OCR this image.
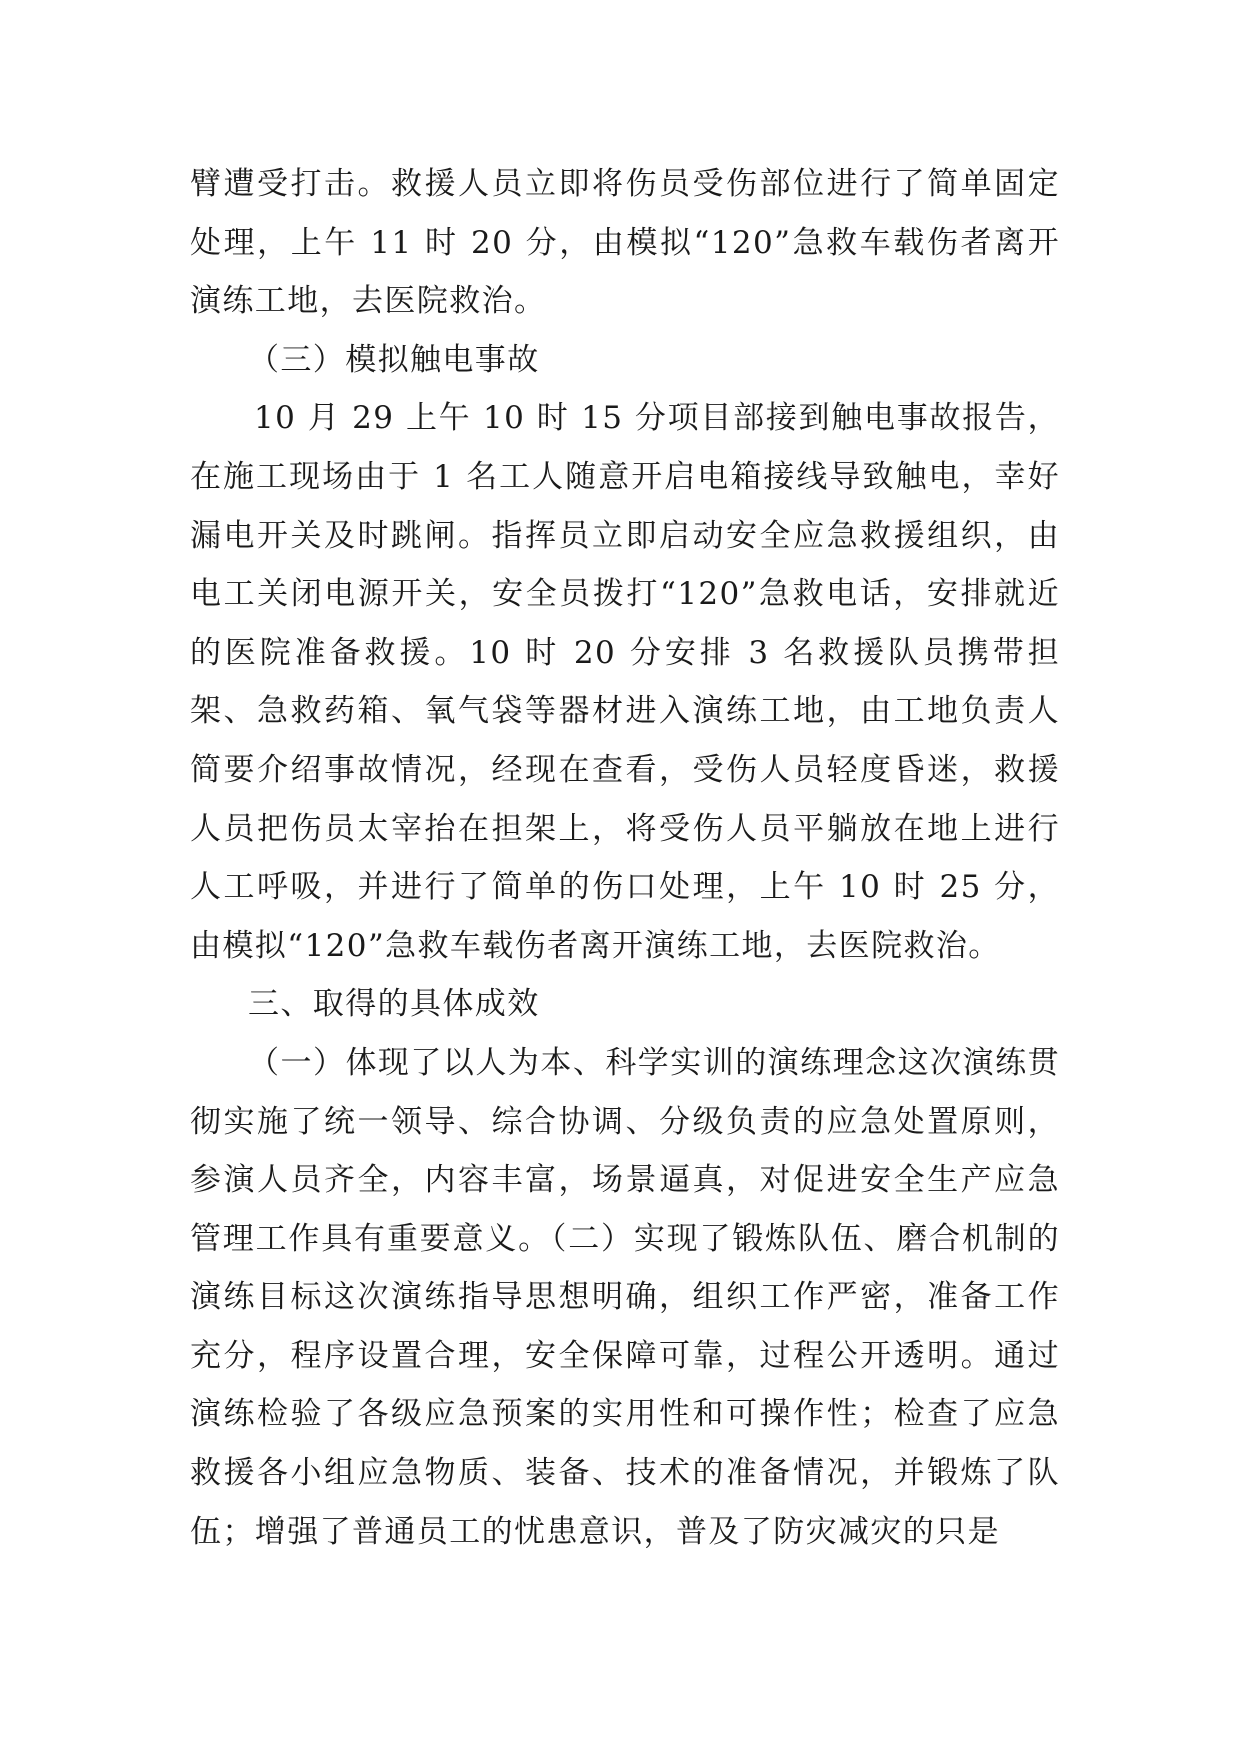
臂遭受打击。救援人员立即将伤员受伤部位进行了简单固定处理，上午 11 时 20 分，由模拟“120”急救车载伤者离开演练工地，去医院救治。

（三）模拟触电事故

10 月 29 上午 10 时 15 分项目部接到触电事故报告，在施工现场由于 1 名工人随意开启电箱接线导致触电，幸好漏电开关及时跳闸。指挥员立即启动安全应急救援组织，由电工关闭电源开关，安全员拨打“120”急救电话，安排就近的医院准备救援。10 时 20 分安排 3 名救援队员携带担架、急救药箱、氧气袋等器材进入演练工地，由工地负责人简要介绍事故情况，经现在查看，受伤人员轻度昏迷，救援人员把伤员太宰抬在担架上，将受伤人员平躺放在地上进行人工呼吸，并进行了简单的伤口处理，上午 10 时 25 分，由模拟“120”急救车载伤者离开演练工地，去医院救治。

三、取得的具体成效

（一）体现了以人为本、科学实训的演练理念这次演练贯彻实施了统一领导、综合协调、分级负责的应急处置原则，参演人员齐全，内容丰富，场景逼真，对促进安全生产应急管理工作具有重要意义。（二）实现了锻炼队伍、磨合机制的演练目标这次演练指导思想明确，组织工作严密，准备工作充分，程序设置合理，安全保障可靠，过程公开透明。通过演练检验了各级应急预案的实用性和可操作性；检查了应急救援各小组应急物质、装备、技术的准备情况，并锻炼了队伍；增强了普通员工的忧患意识，普及了防灾减灾的只是
